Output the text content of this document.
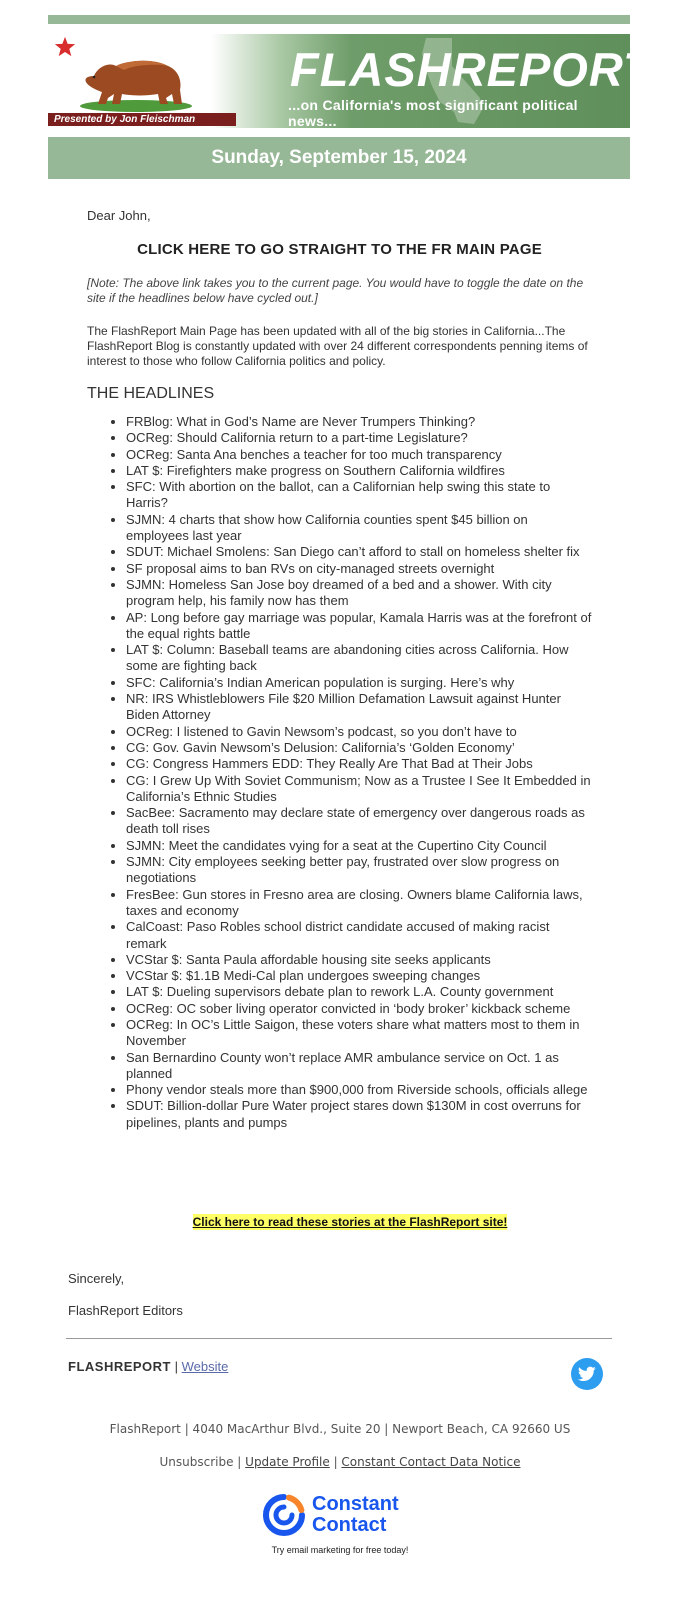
Presented by Jon Fleischman
FLASHREPORT
...on California's most significant political news...
Sunday, September 15, 2024
Dear John,
CLICK HERE TO GO STRAIGHT TO THE FR MAIN PAGE
[Note: The above link takes you to the current page. You would have to toggle the date on the site if the headlines below have cycled out.]
The FlashReport Main Page has been updated with all of the big stories in California...The FlashReport Blog is constantly updated with over 24 different correspondents penning items of interest to those who follow California politics and policy.
THE HEADLINES
• FRBlog: What in God’s Name are Never Trumpers Thinking?
• OCReg: Should California return to a part-time Legislature?
• OCReg: Santa Ana benches a teacher for too much transparency
• LAT $: Firefighters make progress on Southern California wildfires
• SFC: With abortion on the ballot, can a Californian help swing this state to Harris?
• SJMN: 4 charts that show how California counties spent $45 billion on employees last year
• SDUT: Michael Smolens: San Diego can’t afford to stall on homeless shelter fix
• SF proposal aims to ban RVs on city-managed streets overnight
• SJMN: Homeless San Jose boy dreamed of a bed and a shower. With city program help, his family now has them
• AP: Long before gay marriage was popular, Kamala Harris was at the forefront of the equal rights battle
• LAT $: Column: Baseball teams are abandoning cities across California. How some are fighting back
• SFC: California’s Indian American population is surging. Here’s why
• NR: IRS Whistleblowers File $20 Million Defamation Lawsuit against Hunter Biden Attorney
• OCReg: I listened to Gavin Newsom’s podcast, so you don’t have to
• CG: Gov. Gavin Newsom’s Delusion: California’s ‘Golden Economy’
• CG: Congress Hammers EDD: They Really Are That Bad at Their Jobs
• CG: I Grew Up With Soviet Communism; Now as a Trustee I See It Embedded in California’s Ethnic Studies
• SacBee: Sacramento may declare state of emergency over dangerous roads as death toll rises
• SJMN: Meet the candidates vying for a seat at the Cupertino City Council
• SJMN: City employees seeking better pay, frustrated over slow progress on negotiations
• FresBee: Gun stores in Fresno area are closing. Owners blame California laws, taxes and economy
• CalCoast: Paso Robles school district candidate accused of making racist remark
• VCStar $: Santa Paula affordable housing site seeks applicants
• VCStar $: $1.1B Medi-Cal plan undergoes sweeping changes
• LAT $: Dueling supervisors debate plan to rework L.A. County government
• OCReg: OC sober living operator convicted in ‘body broker’ kickback scheme
• OCReg: In OC’s Little Saigon, these voters share what matters most to them in November
• San Bernardino County won’t replace AMR ambulance service on Oct. 1 as planned
• Phony vendor steals more than $900,000 from Riverside schools, officials allege
• SDUT: Billion-dollar Pure Water project stares down $130M in cost overruns for pipelines, plants and pumps
Click here to read these stories at the FlashReport site!
Sincerely,
FlashReport Editors
FLASHREPORT | Website
FlashReport | 4040 MacArthur Blvd., Suite 20 | Newport Beach, CA 92660 US
Unsubscribe | Update Profile | Constant Contact Data Notice
Constant
Contact
Try email marketing for free today!
